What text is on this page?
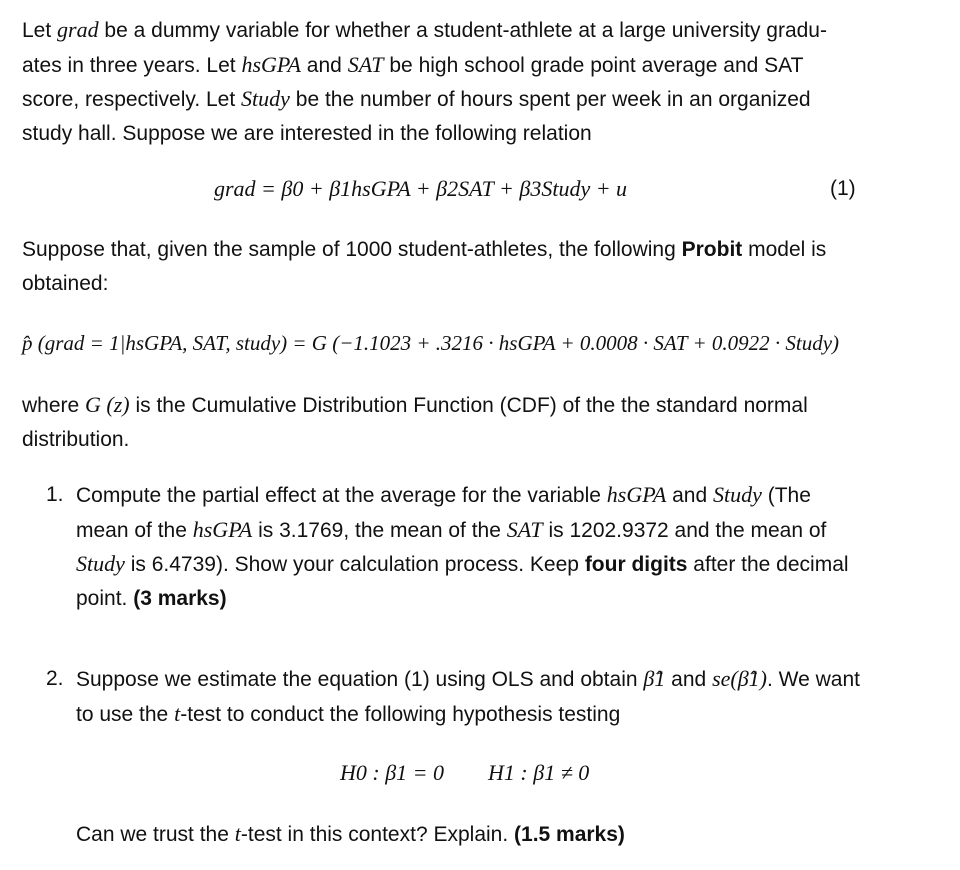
Let grad be a dummy variable for whether a student-athlete at a large university gradu- ates in three years. Let hsGPA and SAT be high school grade point average and SAT score, respectively. Let Study be the number of hours spent per week in an organized study hall. Suppose we are interested in the following relation

grad = β0 + β1hsGPA + β2SAT + β3Study + u	(1)

Suppose that, given the sample of 1000 student-athletes, the following Probit model is obtained:

p̂ (grad = 1|hsGPA, SAT, study) = G (−1.1023 + .3216 · hsGPA + 0.0008 · SAT + 0.0922 · Study)

where G (z) is the Cumulative Distribution Function (CDF) of the the standard normal distribution.

1. Compute the partial effect at the average for the variable hsGPA and Study (The mean of the hsGPA is 3.1769, the mean of the SAT is 1202.9372 and the mean of Study is 6.4739). Show your calculation process. Keep four digits after the decimal point. (3 marks)

2. Suppose we estimate the equation (1) using OLS and obtain β̂1 and se(β̂1). We want to use the t-test to conduct the following hypothesis testing

H0 : β1 = 0 H1 : β1 ≠ 0

Can we trust the t-test in this context? Explain. (1.5 marks)
